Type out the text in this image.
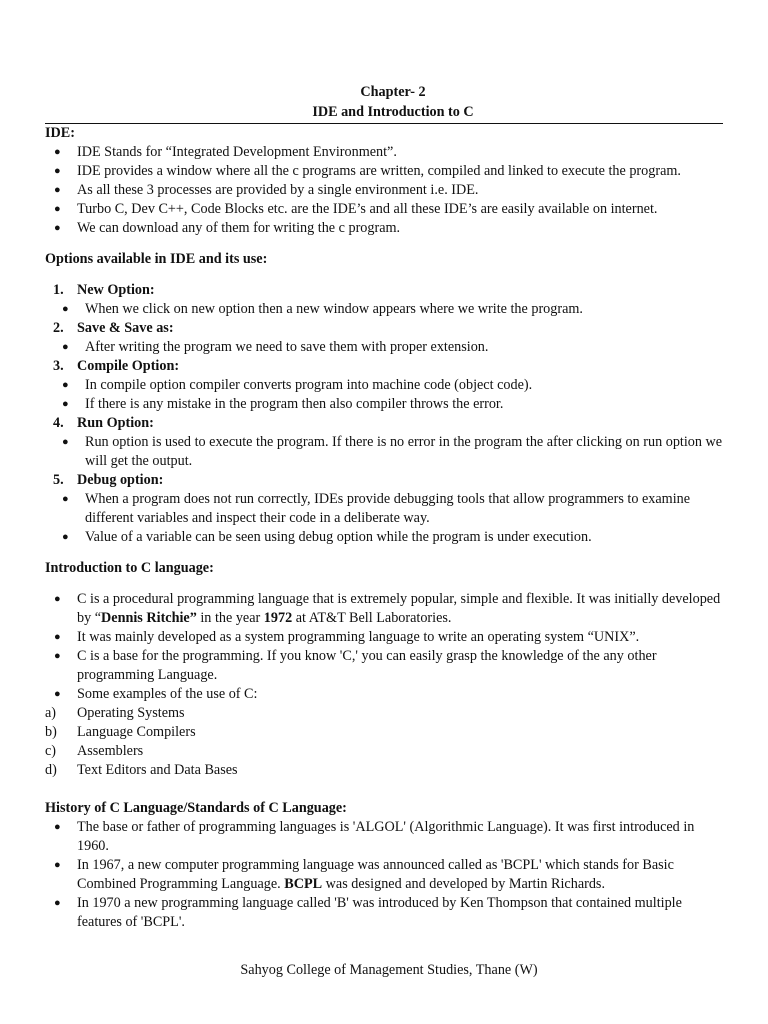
Chapter- 2
IDE and Introduction to C
IDE:
● IDE Stands for “Integrated Development Environment”.
● IDE provides a window where all the c programs are written, compiled and linked to execute the program.
● As all these 3 processes are provided by a single environment i.e. IDE.
● Turbo C, Dev C++, Code Blocks etc. are the IDE’s and all these IDE’s are easily available on internet.
● We can download any of them for writing the c program.
Options available in IDE and its use:
1. New Option:
● When we click on new option then a new window appears where we write the program.
2. Save & Save as:
● After writing the program we need to save them with proper extension.
3. Compile Option:
● In compile option compiler converts program into machine code (object code).
● If there is any mistake in the program then also compiler throws the error.
4. Run Option:
● Run option is used to execute the program. If there is no error in the program the after clicking on run option we will get the output.
5. Debug option:
● When a program does not run correctly, IDEs provide debugging tools that allow programmers to examine different variables and inspect their code in a deliberate way.
● Value of a variable can be seen using debug option while the program is under execution.
Introduction to C language:
● C is a procedural programming language that is extremely popular, simple and flexible. It was initially developed by “Dennis Ritchie” in the year 1972 at AT&T Bell Laboratories.
● It was mainly developed as a system programming language to write an operating system “UNIX”.
● C is a base for the programming. If you know 'C,' you can easily grasp the knowledge of the any other programming Language.
● Some examples of the use of C:
a) Operating Systems
b) Language Compilers
c) Assemblers
d) Text Editors and Data Bases
History of C Language/Standards of C Language:
● The base or father of programming languages is 'ALGOL' (Algorithmic Language). It was first introduced in 1960.
● In 1967, a new computer programming language was announced called as 'BCPL' which stands for Basic Combined Programming Language. BCPL was designed and developed by Martin Richards.
● In 1970 a new programming language called 'B' was introduced by Ken Thompson that contained multiple features of 'BCPL'.
Sahyog College of Management Studies, Thane (W)
